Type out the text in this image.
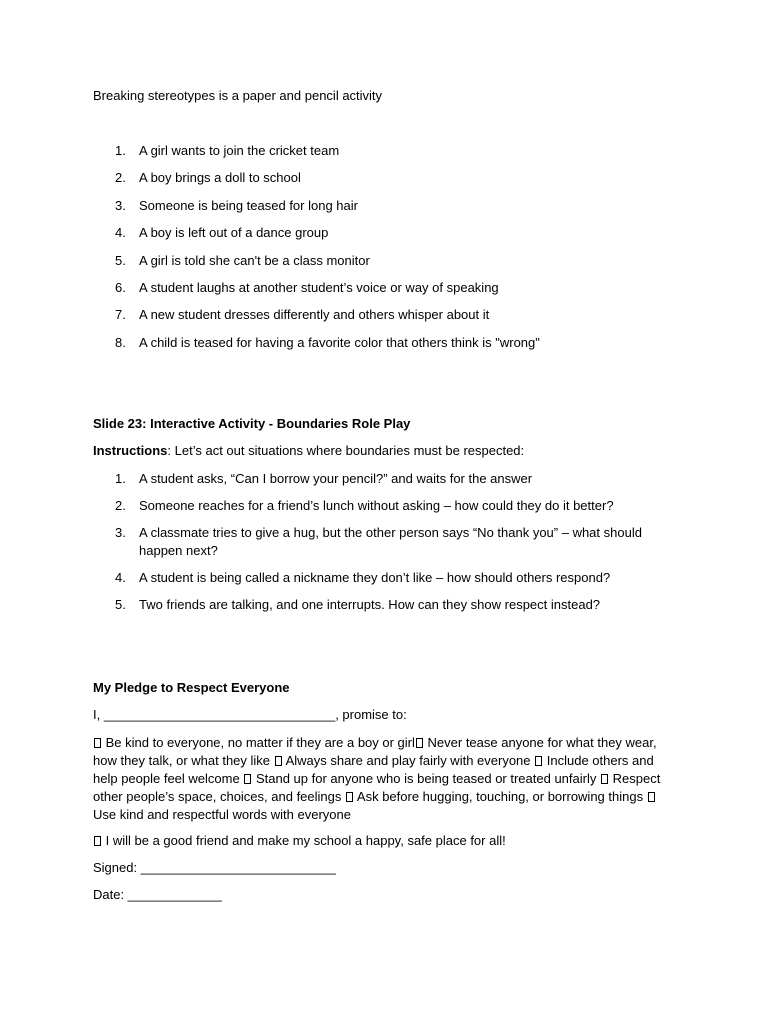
Breaking stereotypes is a paper and pencil activity

1. A girl wants to join the cricket team
2. A boy brings a doll to school
3. Someone is being teased for long hair
4. A boy is left out of a dance group
5. A girl is told she can't be a class monitor
6. A student laughs at another student’s voice or way of speaking
7. A new student dresses differently and others whisper about it
8. A child is teased for having a favorite color that others think is "wrong"

Slide 23: Interactive Activity - Boundaries Role Play

Instructions: Let’s act out situations where boundaries must be respected:

1. A student asks, “Can I borrow your pencil?” and waits for the answer
2. Someone reaches for a friend’s lunch without asking – how could they do it better?
3. A classmate tries to give a hug, but the other person says “No thank you” – what should happen next?
4. A student is being called a nickname they don’t like – how should others respond?
5. Two friends are talking, and one interrupts. How can they show respect instead?

My Pledge to Respect Everyone

I, ________________________________, promise to:

Be kind to everyone, no matter if they are a boy or girl Never tease anyone for what they wear, how they talk, or what they like Always share and play fairly with everyone Include others and help people feel welcome Stand up for anyone who is being teased or treated unfairly Respect other people’s space, choices, and feelings Ask before hugging, touching, or borrowing things  Use kind and respectful words with everyone

I will be a good friend and make my school a happy, safe place for all!

Signed: ___________________________

Date: _____________
